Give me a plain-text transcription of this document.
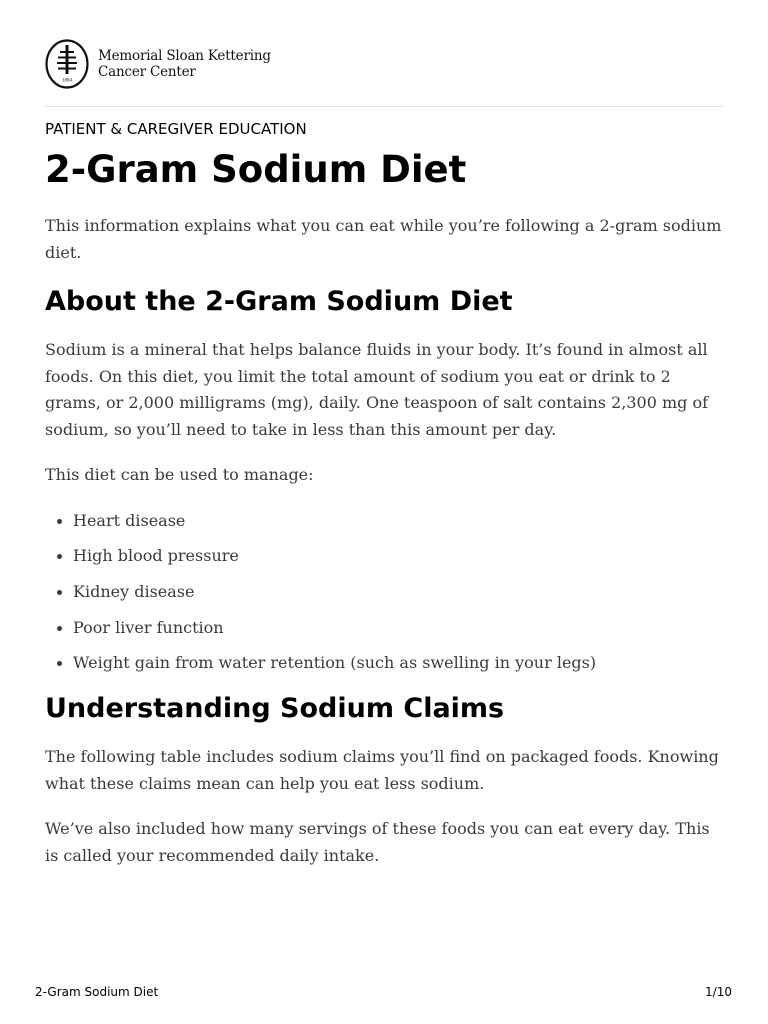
1884
Memorial Sloan Kettering
Cancer Center

PATIENT & CAREGIVER EDUCATION

2-Gram Sodium Diet

This information explains what you can eat while you’re following a 2-gram sodium diet.

About the 2-Gram Sodium Diet

Sodium is a mineral that helps balance fluids in your body. It’s found in almost all foods. On this diet, you limit the total amount of sodium you eat or drink to 2 grams, or 2,000 milligrams (mg), daily. One teaspoon of salt contains 2,300 mg of sodium, so you’ll need to take in less than this amount per day.

This diet can be used to manage:

Heart disease
High blood pressure
Kidney disease
Poor liver function
Weight gain from water retention (such as swelling in your legs)
Understanding Sodium Claims

The following table includes sodium claims you’ll find on packaged foods. Knowing what these claims mean can help you eat less sodium.

We’ve also included how many servings of these foods you can eat every day. This is called your recommended daily intake.

2-Gram Sodium Diet	1/10
